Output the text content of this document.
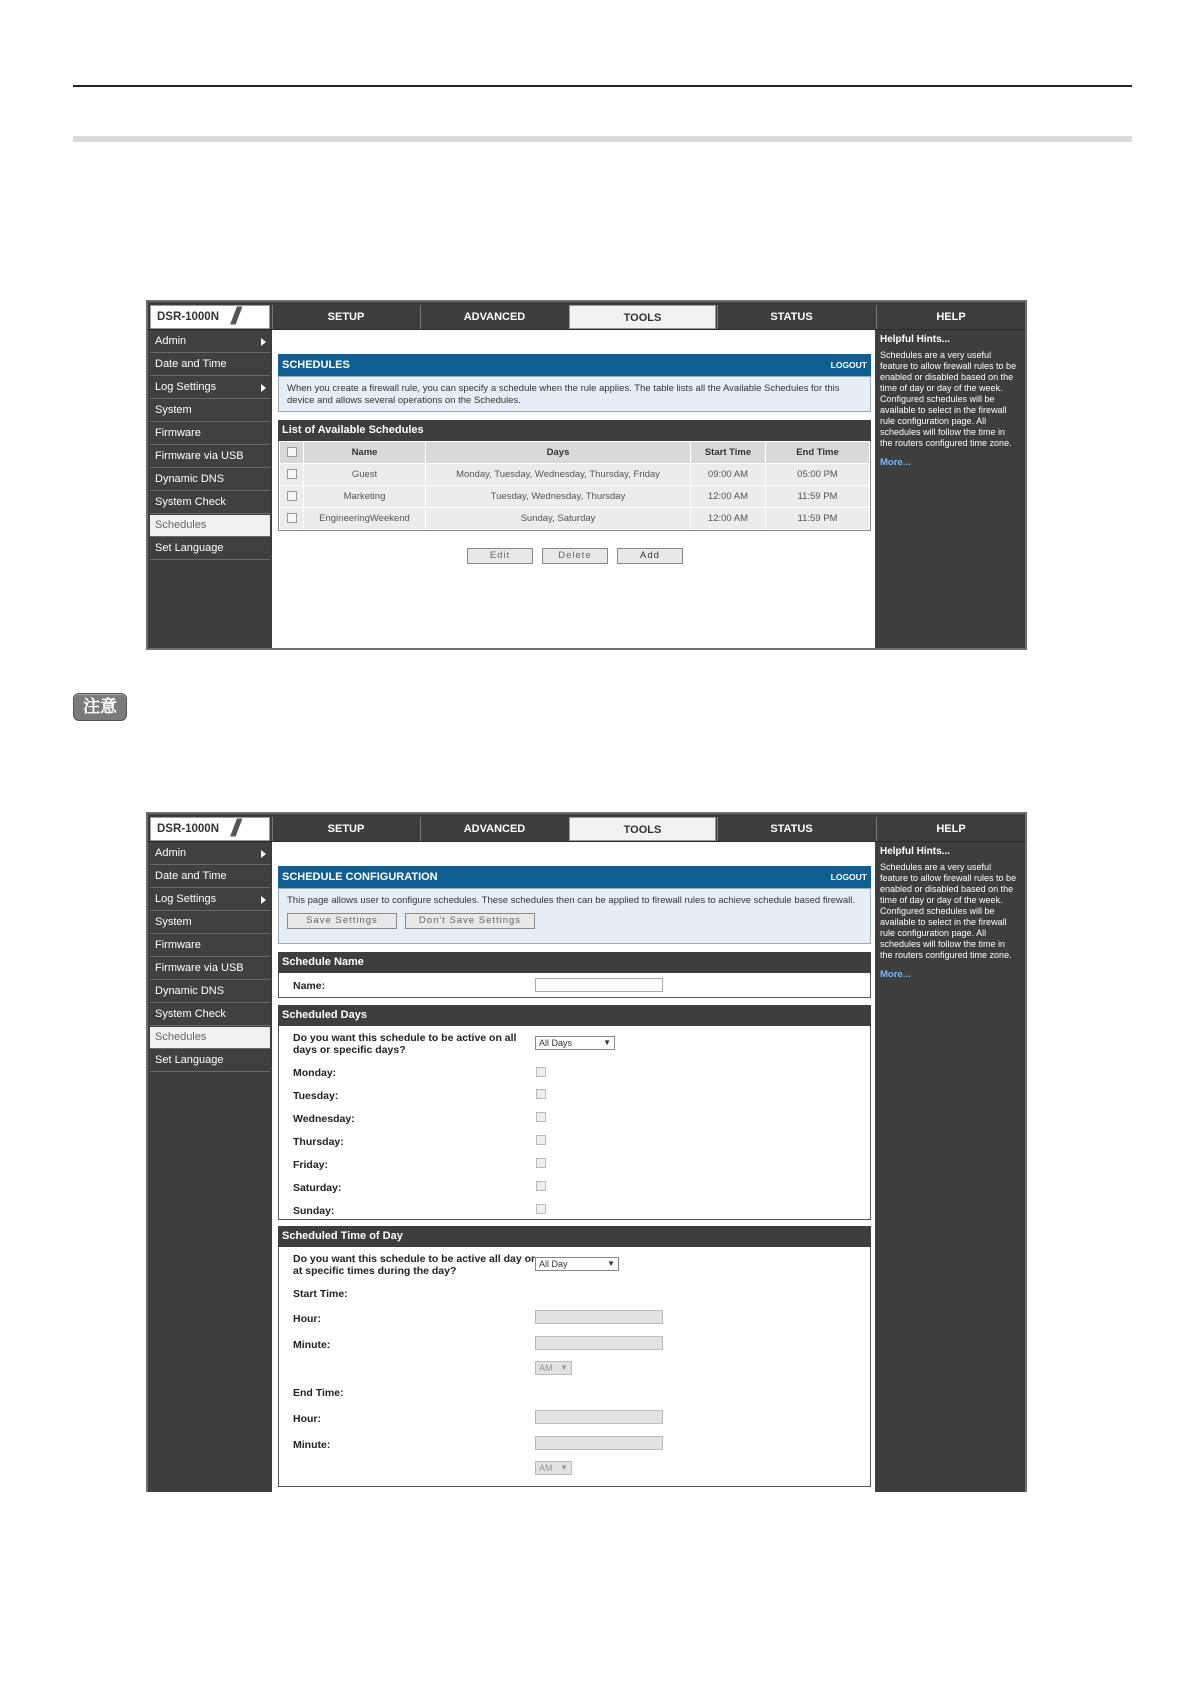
DSR-1000N //	SETUP	ADVANCED	TOOLS	STATUS	HELP
Admin
Date and Time
Log Settings
System
Firmware
Firmware via USB
Dynamic DNS
System Check
Schedules
Set Language
SCHEDULES	LOGOUT
When you create a firewall rule, you can specify a schedule when the rule applies. The table lists all the Available Schedules for this device and allows several operations on the Schedules.
List of Available Schedules
	Name	Days	Start Time	End Time
	Guest	Monday, Tuesday, Wednesday, Thursday, Friday	09:00 AM	05:00 PM
	Marketing	Tuesday, Wednesday, Thursday	12:00 AM	11:59 PM
	EngineeringWeekend	Sunday, Saturday	12:00 AM	11:59 PM
Edit	Delete	Add
Helpful Hints...
Schedules are a very useful feature to allow firewall rules to be enabled or disabled based on the time of day or day of the week. Configured schedules will be available to select in the firewall rule configuration page. All schedules will follow the time in the routers configured time zone.
More...
注意
DSR-1000N //	SETUP	ADVANCED	TOOLS	STATUS	HELP
Admin
Date and Time
Log Settings
System
Firmware
Firmware via USB
Dynamic DNS
System Check
Schedules
Set Language
SCHEDULE CONFIGURATION	LOGOUT
This page allows user to configure schedules. These schedules then can be applied to firewall rules to achieve schedule based firewall.
Save Settings	Don't Save Settings
Schedule Name
Name:
Scheduled Days
Do you want this schedule to be active on all days or specific days?
All Days	▼
Monday:
Tuesday:
Wednesday:
Thursday:
Friday:
Saturday:
Sunday:
Scheduled Time of Day
Do you want this schedule to be active all day or at specific times during the day?
All Day	▼
Start Time:
Hour:
Minute:
AM ▼
End Time:
Hour:
Minute:
AM ▼
Helpful Hints...
Schedules are a very useful feature to allow firewall rules to be enabled or disabled based on the time of day or day of the week. Configured schedules will be available to select in the firewall rule configuration page. All schedules will follow the time in the routers configured time zone.
More...
